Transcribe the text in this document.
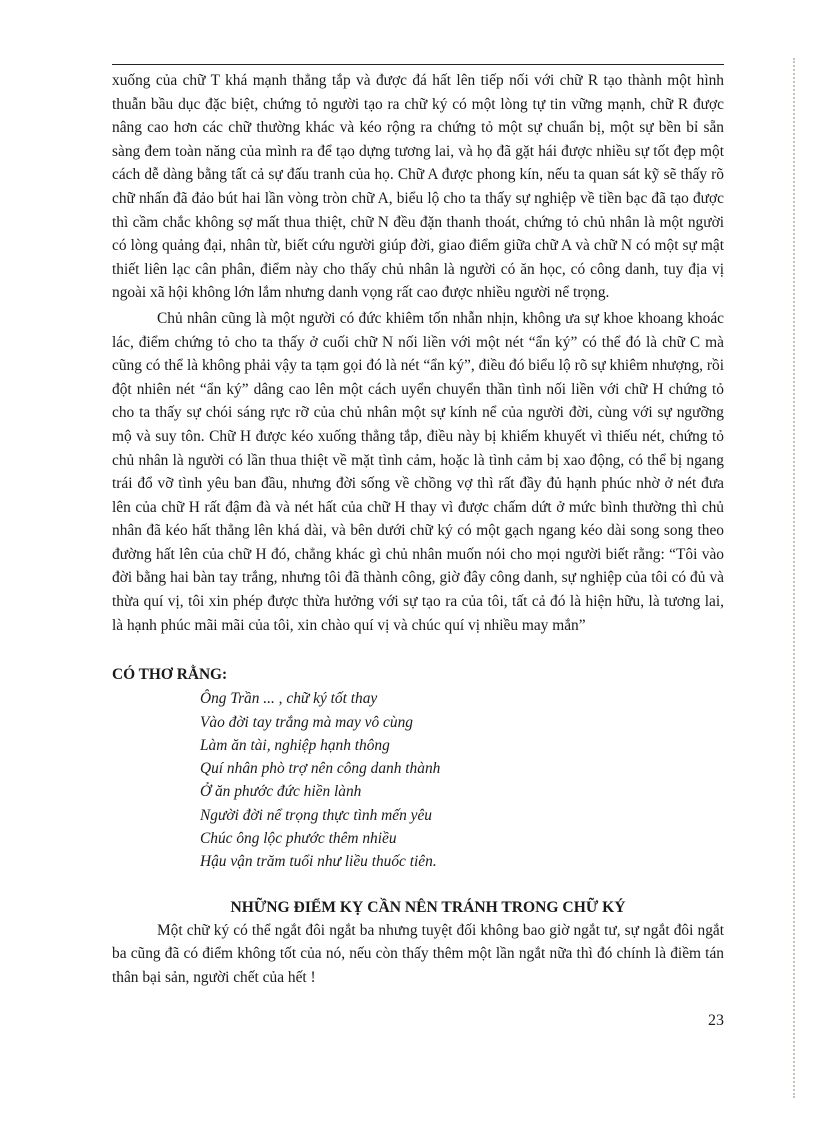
xuống của chữ T khá mạnh thẳng tắp và được đá hất lên tiếp nối với chữ R tạo thành một hình thuẫn bầu dục đặc biệt, chứng tỏ người tạo ra chữ ký có một lòng tự tin vững mạnh, chữ R được nâng cao hơn các chữ thường khác và kéo rộng ra chứng tỏ một sự chuẩn bị, một sự bền bỉ sẵn sàng đem toàn năng của mình ra để tạo dựng tương lai, và họ đã gặt hái được nhiều sự tốt đẹp một cách dễ dàng bằng tất cả sự đấu tranh của họ. Chữ A được phong kín, nếu ta quan sát kỹ sẽ thấy rõ chữ nhấn đã đảo bút hai lần vòng tròn chữ A, biểu lộ cho ta thấy sự nghiệp về tiền bạc đã tạo được thì cầm chắc không sợ mất thua thiệt, chữ N đều đặn thanh thoát, chứng tỏ chủ nhân là một người có lòng quảng đại, nhân từ, biết cứu người giúp đời, giao điểm giữa chữ A và chữ N có một sự mật thiết liên lạc cân phân, điểm này cho thấy chủ nhân là người có ăn học, có công danh, tuy địa vị ngoài xã hội không lớn lắm nhưng danh vọng rất cao được nhiều người nể trọng.

Chủ nhân cũng là một người có đức khiêm tốn nhẫn nhịn, không ưa sự khoe khoang khoác lác, điểm chứng tỏ cho ta thấy ở cuối chữ N nối liền với một nét “ẩn ký” có thể đó là chữ C mà cũng có thể là không phải vậy ta tạm gọi đó là nét “ẩn ký”, điều đó biểu lộ rõ sự khiêm nhượng, rồi đột nhiên nét “ẩn ký” dâng cao lên một cách uyển chuyển thần tình nối liền với chữ H chứng tỏ cho ta thấy sự chói sáng rực rỡ của chủ nhân một sự kính nể của người đời, cùng với sự ngưỡng mộ và suy tôn. Chữ H được kéo xuống thẳng tắp, điều này bị khiếm khuyết vì thiếu nét, chứng tỏ chủ nhân là người có lần thua thiệt về mặt tình cảm, hoặc là tình cảm bị xao động, có thể bị ngang trái đổ vỡ tình yêu ban đầu, nhưng đời sống về chồng vợ thì rất đầy đủ hạnh phúc nhờ ở nét đưa lên của chữ H rất đậm đà và nét hất của chữ H thay vì được chấm dứt ở mức bình thường thì chủ nhân đã kéo hất thẳng lên khá dài, và bên dưới chữ ký có một gạch ngang kéo dài song song theo đường hất lên của chữ H đó, chẳng khác gì chủ nhân muốn nói cho mọi người biết rằng: “Tôi vào đời bằng hai bàn tay trắng, nhưng tôi đã thành công, giờ đây công danh, sự nghiệp của tôi có đủ và thừa quí vị, tôi xin phép được thừa hưởng với sự tạo ra của tôi, tất cả đó là hiện hữu, là tương lai, là hạnh phúc mãi mãi của tôi, xin chào quí vị và chúc quí vị nhiều may mắn”

CÓ THƠ RẰNG:
Ông Trần ... , chữ ký tốt thay
Vào đời tay trắng mà may vô cùng
Làm ăn tài, nghiệp hạnh thông
Quí nhân phò trợ nên công danh thành
Ở ăn phước đức hiền lành
Người đời nể trọng thực tình mến yêu
Chúc ông lộc phước thêm nhiều
Hậu vận trăm tuổi như liều thuốc tiên.
NHỮNG ĐIỂM KỴ CẦN NÊN TRÁNH TRONG CHỮ KÝ

Một chữ ký có thể ngắt đôi ngắt ba nhưng tuyệt đối không bao giờ ngắt tư, sự ngắt đôi ngắt ba cũng đã có điểm không tốt của nó, nếu còn thấy thêm một lần ngắt nữa thì đó chính là điềm tán thân bại sản, người chết của hết !

23
